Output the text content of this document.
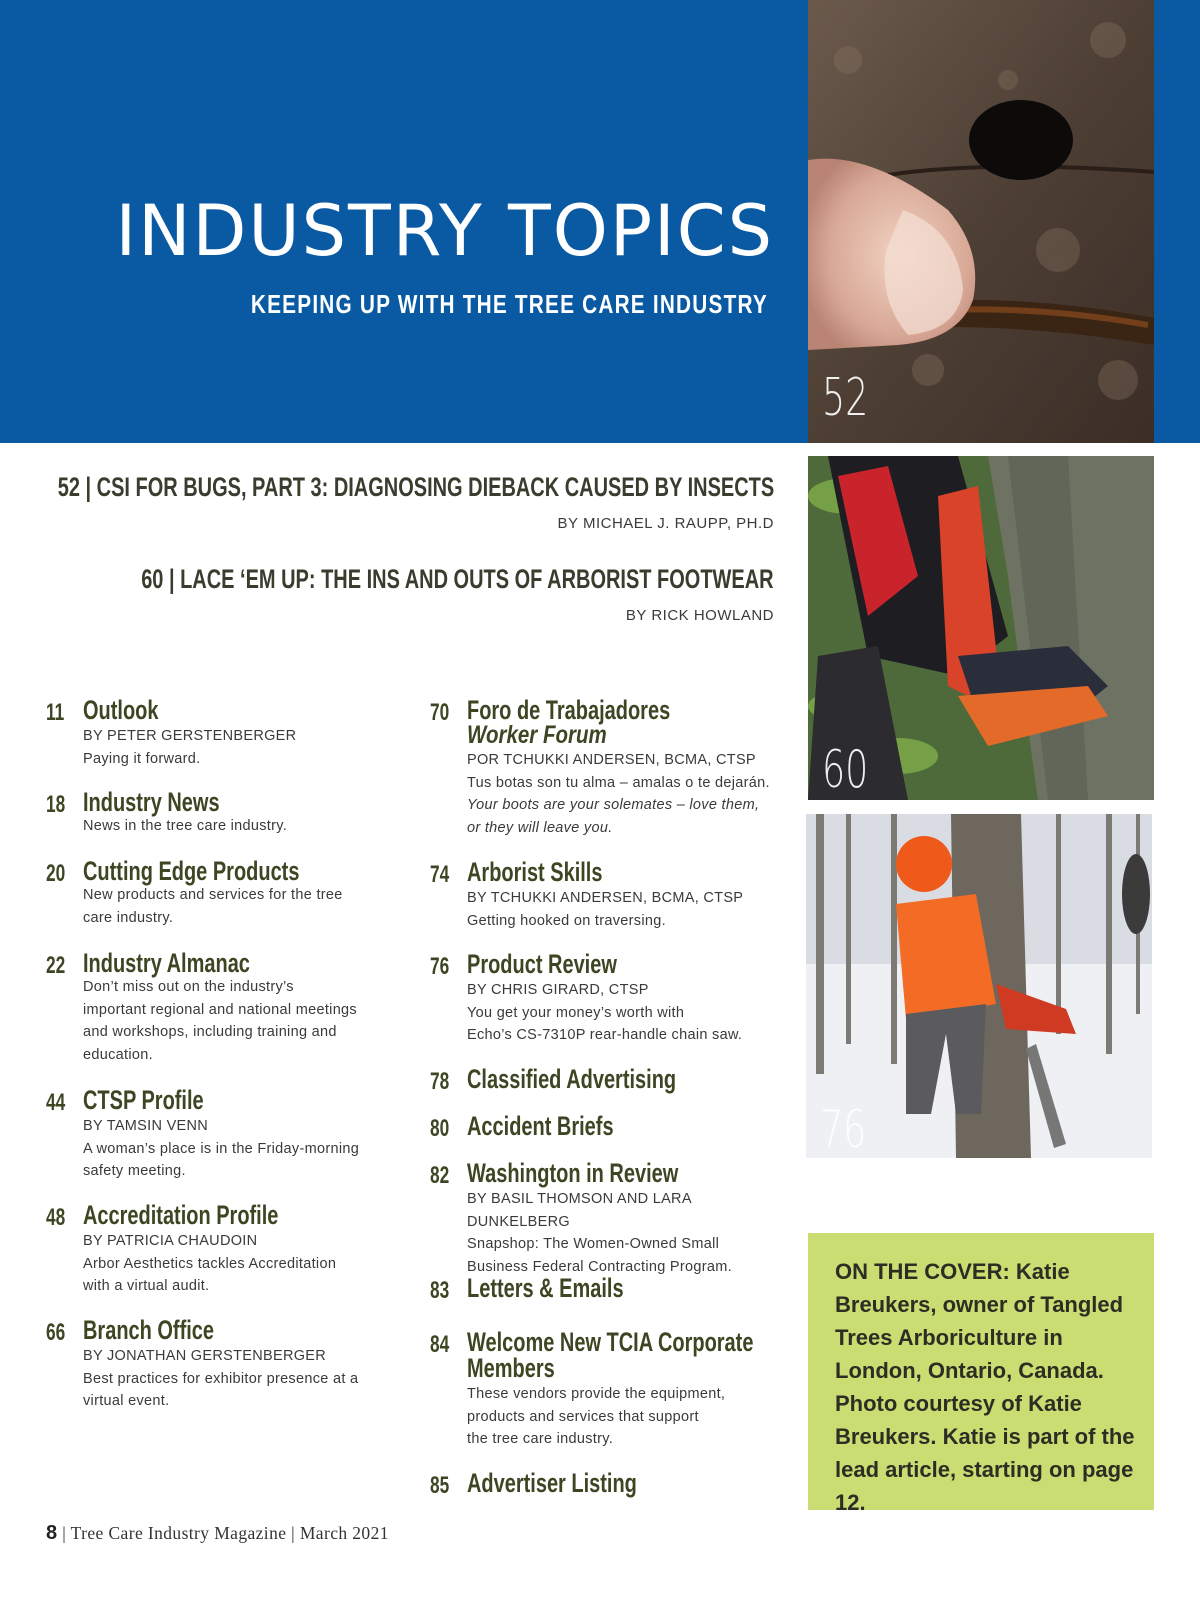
INDUSTRY TOPICS
KEEPING UP WITH THE TREE CARE INDUSTRY
52
60
76
52 | CSI FOR BUGS, PART 3: DIAGNOSING DIEBACK CAUSED BY INSECTS
BY MICHAEL J. RAUPP, PH.D
60 | LACE ‘EM UP: THE INS AND OUTS OF ARBORIST FOOTWEAR
BY RICK HOWLAND
11 Outlook
BY PETER GERSTENBERGER
Paying it forward.
18 Industry News
News in the tree care industry.
20 Cutting Edge Products
New products and services for the tree
care industry.
22 Industry Almanac
Don’t miss out on the industry’s
important regional and national meetings
and workshops, including training and
education.
44 CTSP Profile
BY TAMSIN VENN
A woman’s place is in the Friday-morning
safety meeting.
48 Accreditation Profile
BY PATRICIA CHAUDOIN
Arbor Aesthetics tackles Accreditation
with a virtual audit.
66 Branch Office
BY JONATHAN GERSTENBERGER
Best practices for exhibitor presence at a
virtual event.
70 Foro de Trabajadores
Worker Forum
POR TCHUKKI ANDERSEN, BCMA, CTSP
Tus botas son tu alma – amalas o te dejarán.
Your boots are your solemates – love them,
or they will leave you.
74 Arborist Skills
BY TCHUKKI ANDERSEN, BCMA, CTSP
Getting hooked on traversing.
76 Product Review
BY CHRIS GIRARD, CTSP
You get your money’s worth with
Echo’s CS-7310P rear-handle chain saw.
78 Classified Advertising
80 Accident Briefs
82 Washington in Review
BY BASIL THOMSON AND LARA DUNKELBERG
Snapshop: The Women-Owned Small
Business Federal Contracting Program.
83 Letters & Emails
84 Welcome New TCIA Corporate
Members
These vendors provide the equipment,
products and services that support
the tree care industry.
85 Advertiser Listing
ON THE COVER: Katie Breukers, owner of Tangled Trees Arboriculture in London, Ontario, Canada. Photo courtesy of Katie Breukers. Katie is part of the lead article, starting on page 12.
8 | Tree Care Industry Magazine | March 2021
